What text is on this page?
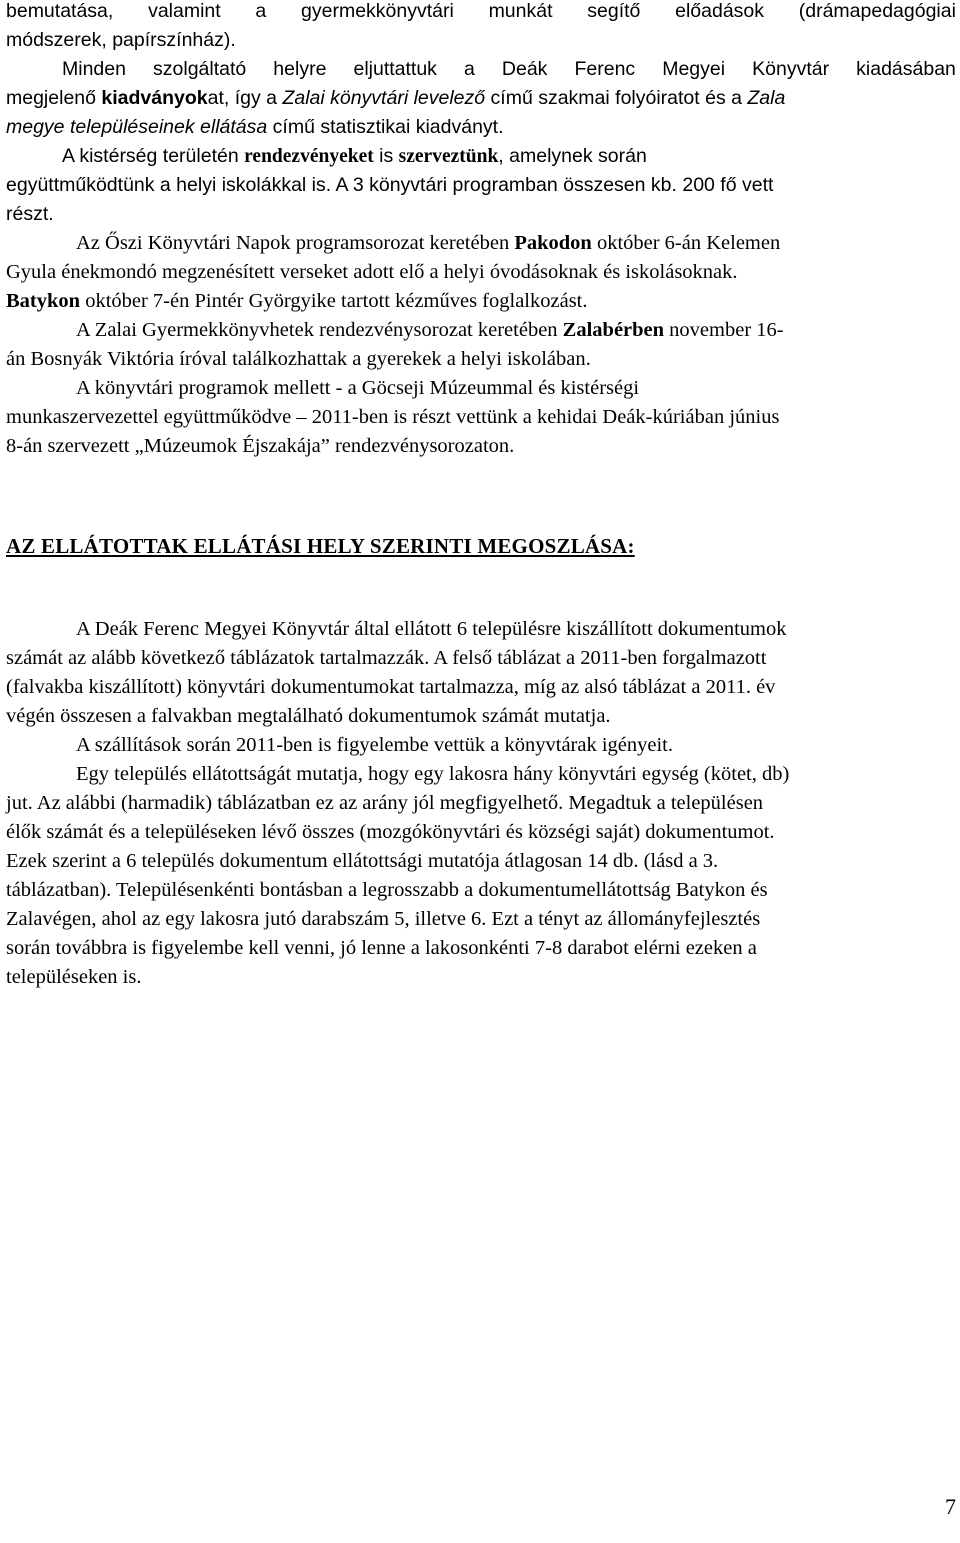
bemutatása, valamint a gyermekkönyvtári munkát segítő előadások (drámapedagógiai
módszerek, papírszínház).
Minden szolgáltató helyre eljuttattuk a Deák Ferenc Megyei Könyvtár kiadásában
megjelenő kiadványokat, így a Zalai könyvtári levelező című szakmai folyóiratot és a Zala
megye településeinek ellátása című statisztikai kiadványt.
A kistérség területén rendezvényeket is szerveztünk, amelynek során
együttműködtünk a helyi iskolákkal is. A 3 könyvtári programban összesen kb. 200 fő vett
részt.
Az Őszi Könyvtári Napok programsorozat keretében Pakodon október 6-án Kelemen
Gyula énekmondó megzenésített verseket adott elő a helyi óvodásoknak és iskolásoknak.
Batykon október 7-én Pintér Györgyike tartott kézműves foglalkozást.
A Zalai Gyermekkönyvhetek rendezvénysorozat keretében Zalabérben november 16-
án Bosnyák Viktória íróval találkozhattak a gyerekek a helyi iskolában.
A könyvtári programok mellett - a Göcseji Múzeummal és kistérségi
munkaszervezettel együttműködve – 2011-ben is részt vettünk a kehidai Deák-kúriában június
8-án szervezett „Múzeumok Éjszakája” rendezvénysorozaton.
AZ ELLÁTOTTAK ELLÁTÁSI HELY SZERINTI MEGOSZLÁSA:
A Deák Ferenc Megyei Könyvtár által ellátott 6 településre kiszállított dokumentumok
számát az alább következő táblázatok tartalmazzák. A felső táblázat a 2011-ben forgalmazott
(falvakba kiszállított) könyvtári dokumentumokat tartalmazza, míg az alsó táblázat a 2011. év
végén összesen a falvakban megtalálható dokumentumok számát mutatja.
A szállítások során 2011-ben is figyelembe vettük a könyvtárak igényeit.
Egy település ellátottságát mutatja, hogy egy lakosra hány könyvtári egység (kötet, db)
jut. Az alábbi (harmadik) táblázatban ez az arány jól megfigyelhető. Megadtuk a településen
élők számát és a településeken lévő összes (mozgókönyvtári és községi saját) dokumentumot.
Ezek szerint a 6 település dokumentum ellátottsági mutatója átlagosan 14 db. (lásd a 3.
táblázatban). Településenkénti bontásban a legrosszabb a dokumentumellátottság Batykon és
Zalavégen, ahol az egy lakosra jutó darabszám 5, illetve 6. Ezt a tényt az állományfejlesztés
során továbbra is figyelembe kell venni, jó lenne a lakosonkénti 7-8 darabot elérni ezeken a
településeken is.
7
